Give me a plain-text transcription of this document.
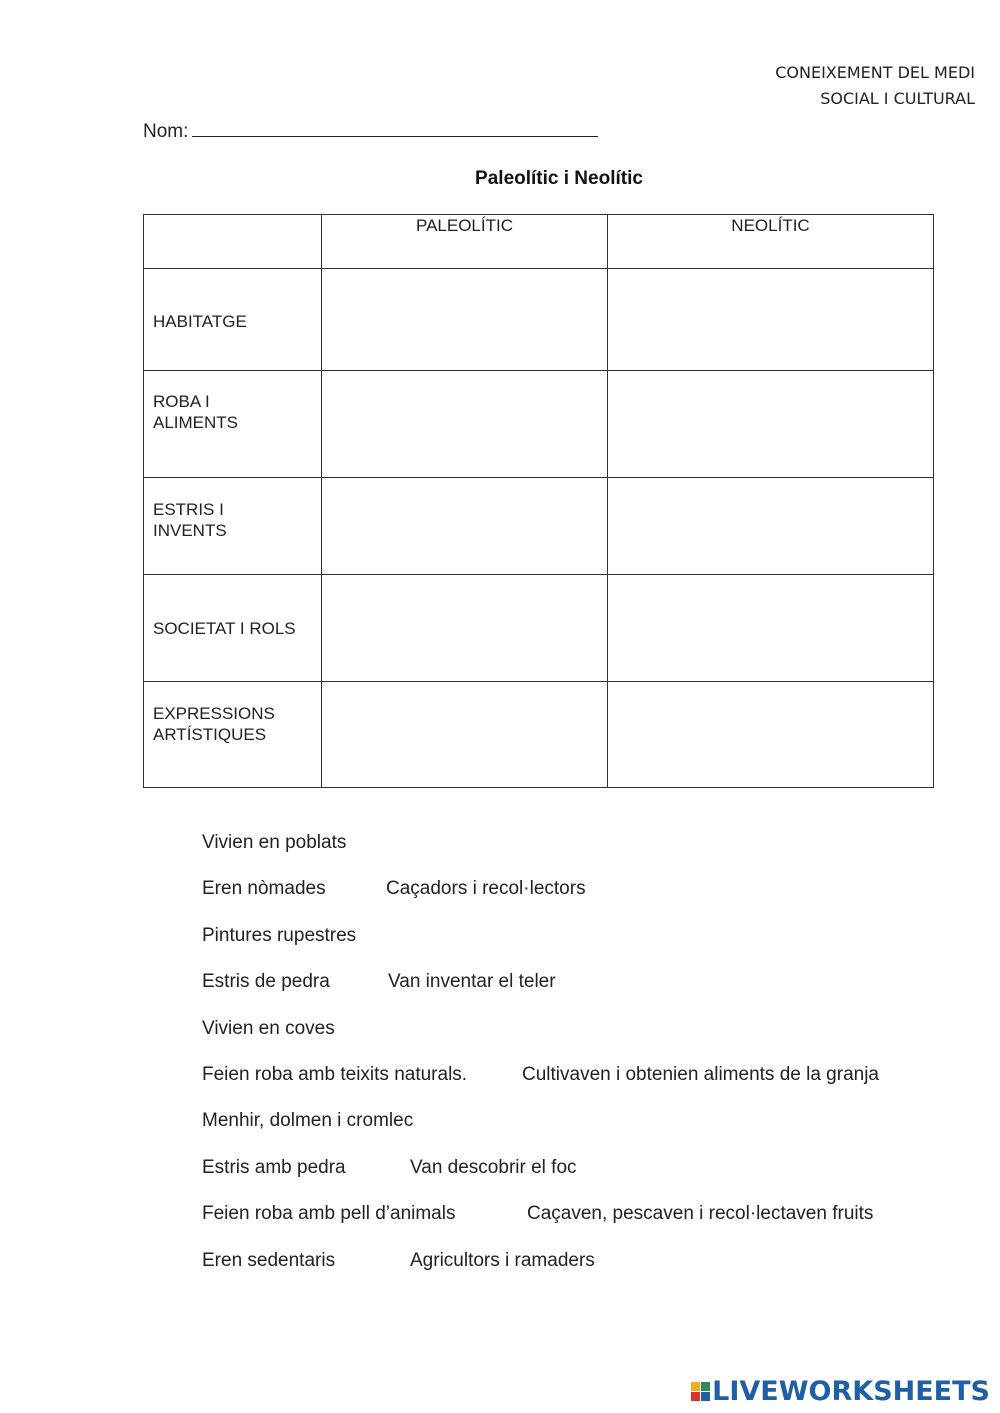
CONEIXEMENT DEL MEDI
SOCIAL I CULTURAL
Nom:
Paleolític i Neolític
	PALEOLÍTIC	NEOLÍTIC
HABITATGE		
ROBA I ALIMENTS		
ESTRIS I INVENTS		
SOCIETAT I ROLS		
EXPRESSIONS ARTÍSTIQUES		
Vivien en poblats
Eren nòmades	Caçadors i recol·lectors
Pintures rupestres
Estris de pedra	Van inventar el teler
Vivien en coves
Feien roba amb teixits naturals.	Cultivaven i obtenien aliments de la granja
Menhir, dolmen i cromlec
Estris amb pedra	Van descobrir el foc
Feien roba amb pell d’animals	Caçaven, pescaven i recol·lectaven fruits
Eren sedentaris	Agricultors i ramaders
LIVEWORKSHEETS
